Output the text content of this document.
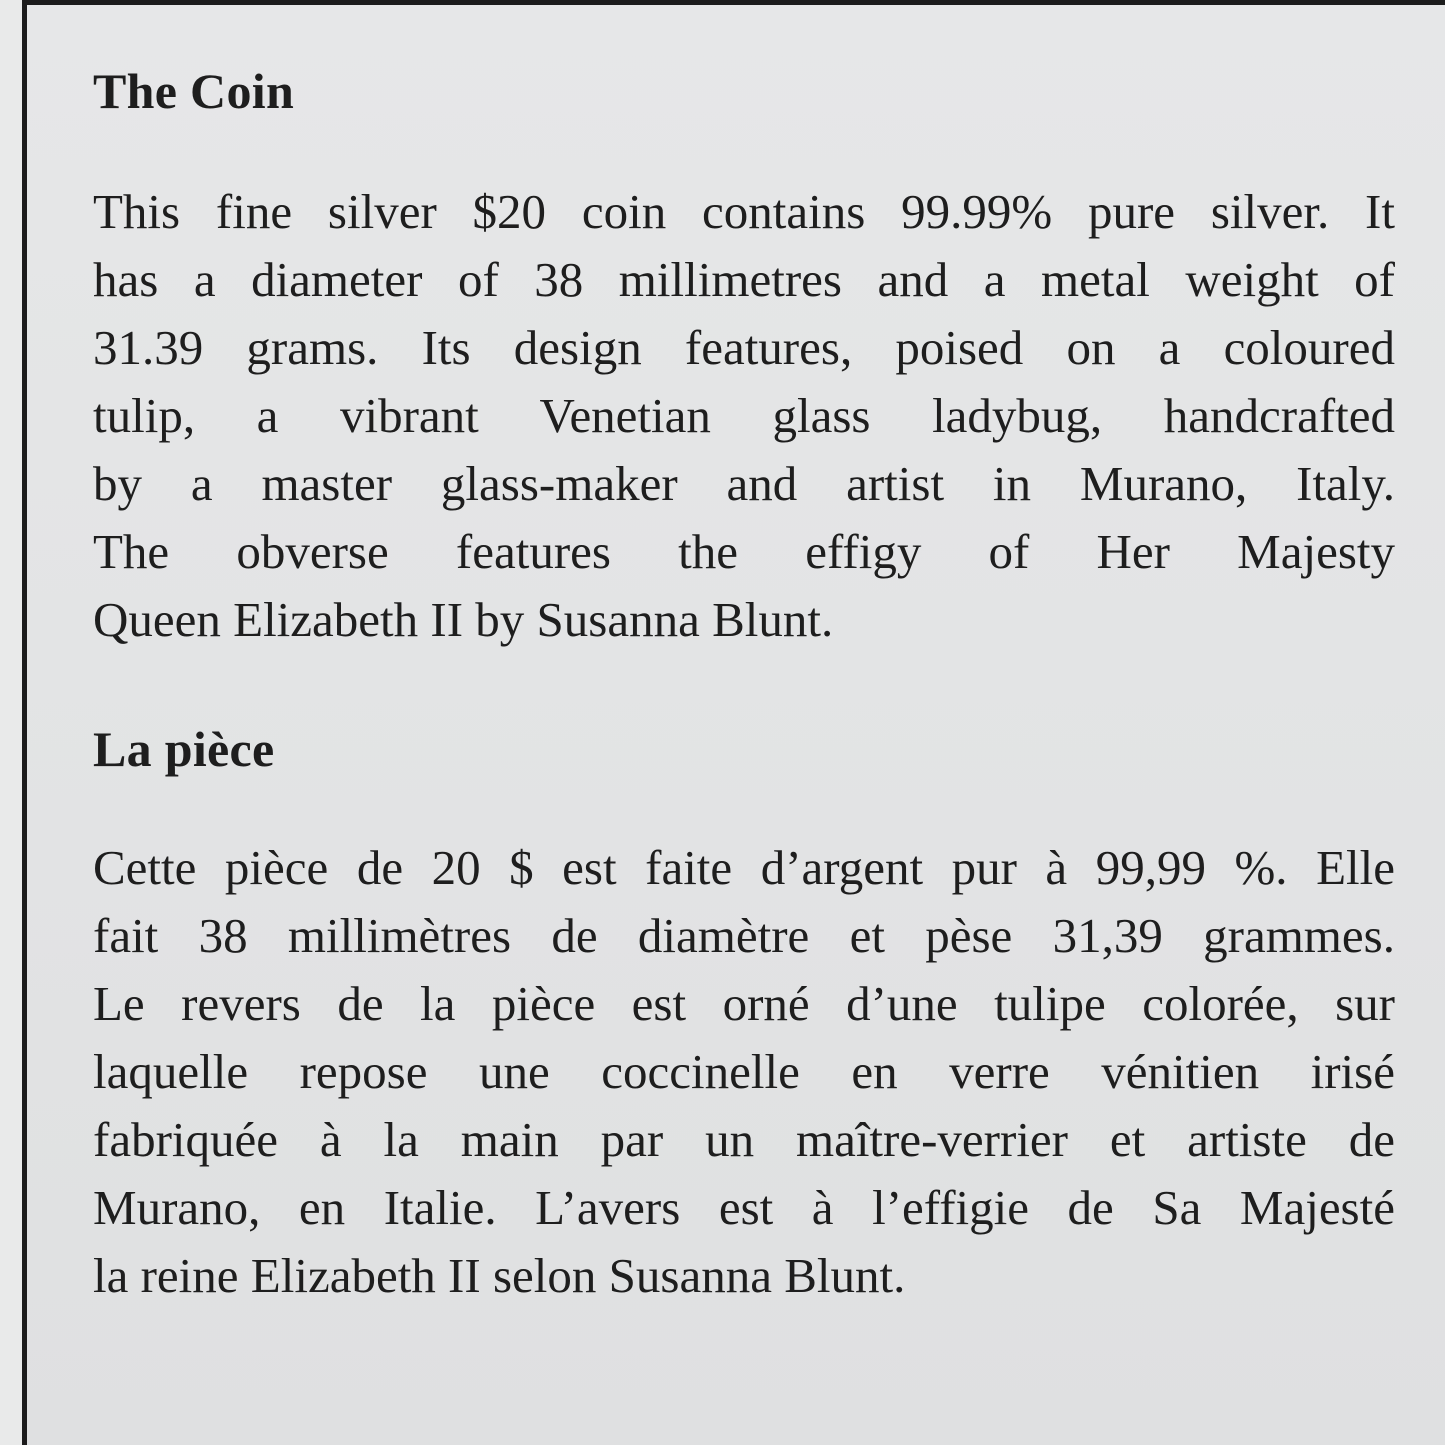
The Coin
This fine silver $20 coin contains 99.99% pure silver. It
has a diameter of 38 millimetres and a metal weight of
31.39 grams. Its design features, poised on a coloured
tulip, a vibrant Venetian glass ladybug, handcrafted
by a master glass-maker and artist in Murano, Italy.
The obverse features the effigy of Her Majesty
Queen Elizabeth II by Susanna Blunt.
La pièce
Cette pièce de 20 $ est faite d’argent pur à 99,99 %. Elle
fait 38 millimètres de diamètre et pèse 31,39 grammes.
Le revers de la pièce est orné d’une tulipe colorée, sur
laquelle repose une coccinelle en verre vénitien irisé
fabriquée à la main par un maître-verrier et artiste de
Murano, en Italie. L’avers est à l’effigie de Sa Majesté
la reine Elizabeth II selon Susanna Blunt.
